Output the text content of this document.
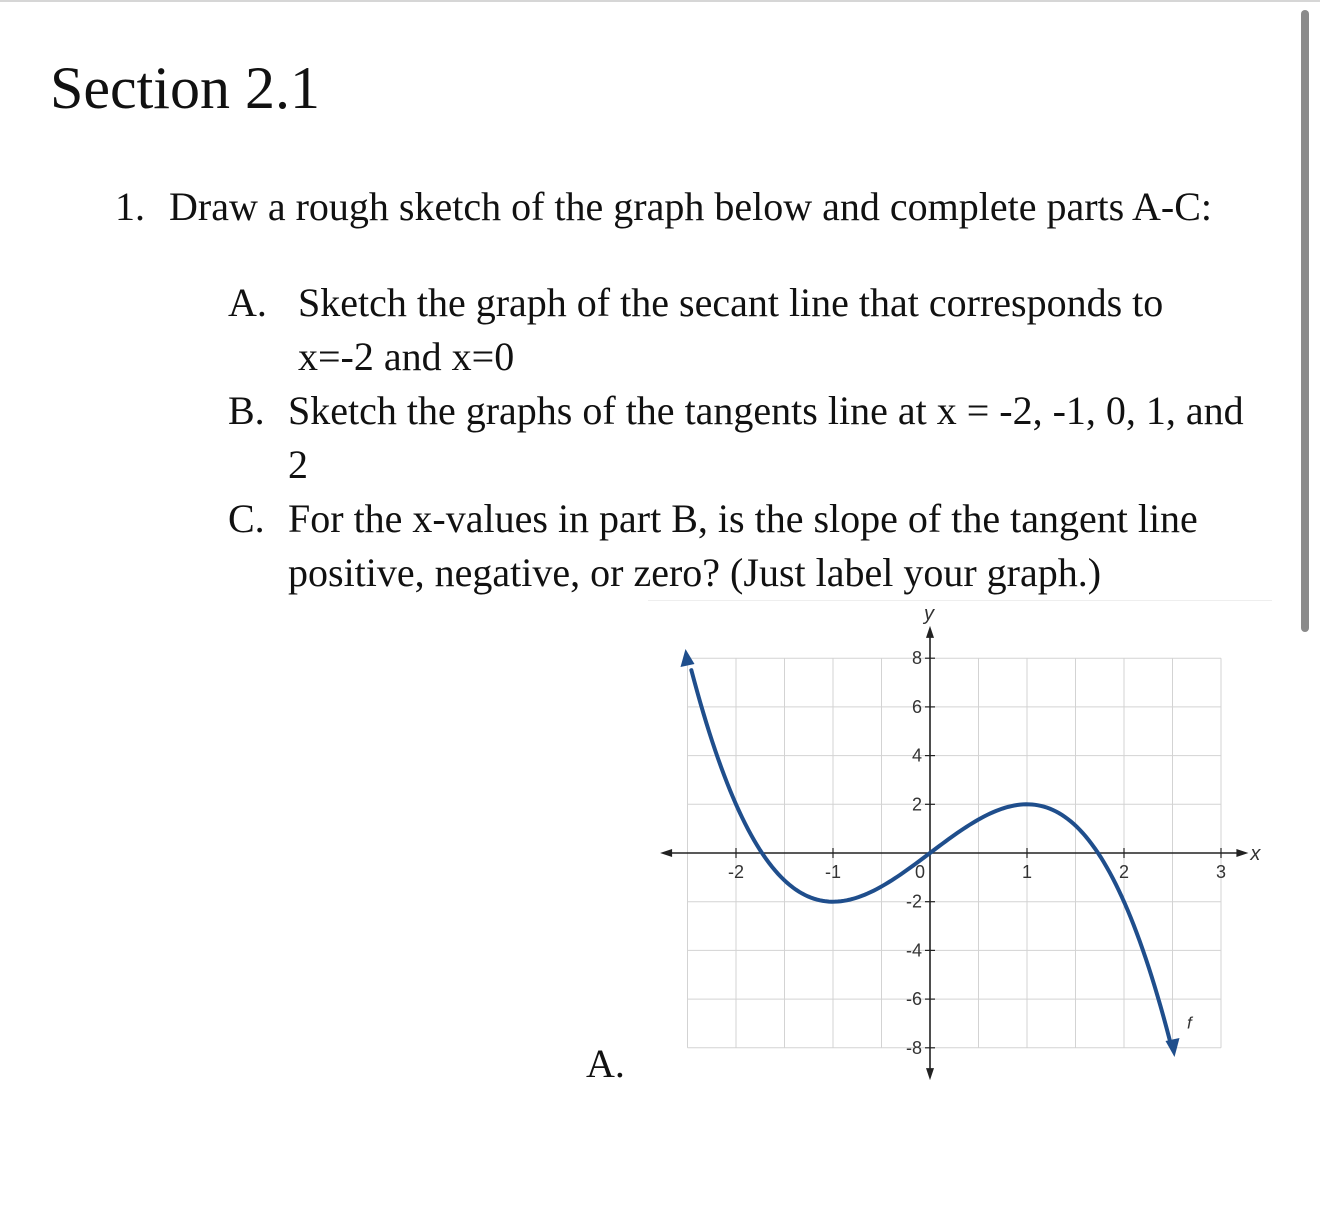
Section 2.1
1. Draw a rough sketch of the graph below and complete parts A-C:
A. Sketch the graph of the secant line that corresponds to x=-2 and x=0
B. Sketch the graphs of the tangents line at x = -2, -1, 0, 1, and 2
C. For the x-values in part B, is the slope of the tangent line positive, negative, or zero? (Just label your graph.)
A.
-2	-1	0	1	2	3
8
6
4
2
-2
-4
-6
-8
x
y
f
